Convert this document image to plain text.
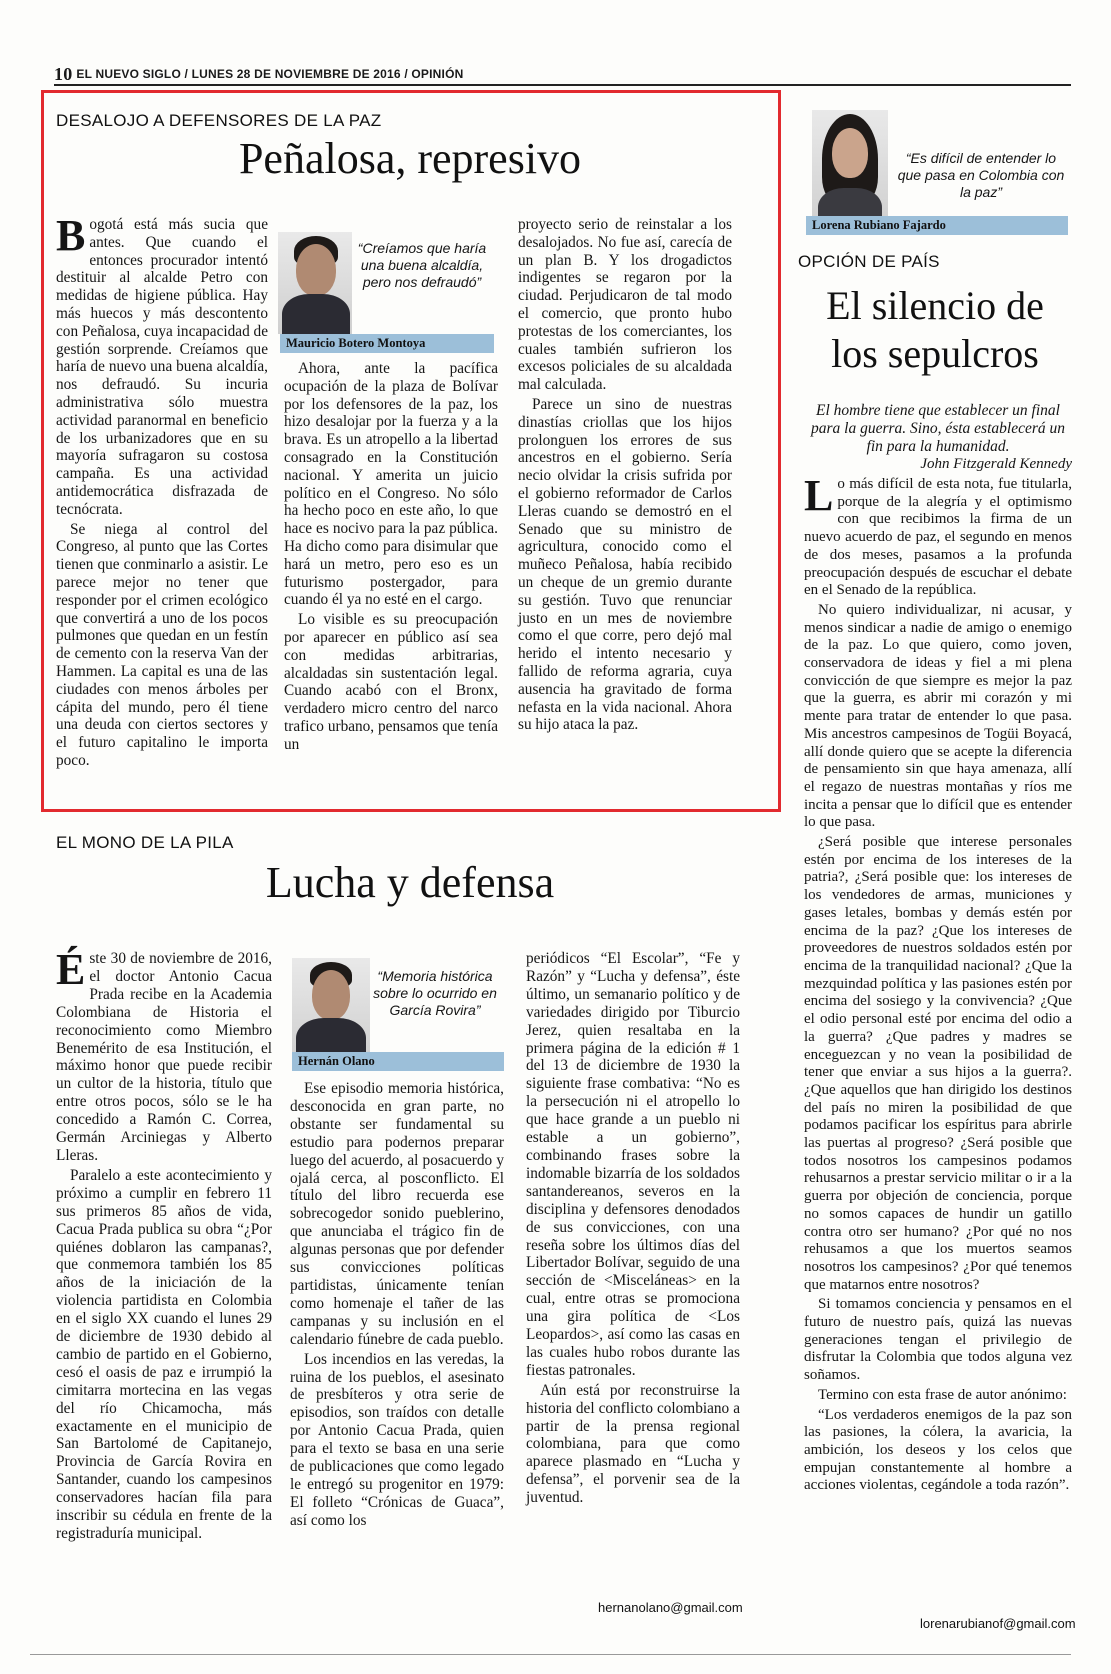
10 EL NUEVO SIGLO / LUNES 28 DE NOVIEMBRE DE 2016 / OPINIÓN
DESALOJO A DEFENSORES DE LA PAZ
Peñalosa, represivo

Bogotá está más sucia que antes. Que cuando el entonces procurador intentó destituir al alcalde Petro con medidas de higiene pública. Hay más huecos y más descontento con Peñalosa, cuya incapacidad de gestión sorprende. Creíamos que haría de nuevo una buena alcaldía, nos defraudó. Su incuria administrativa sólo muestra actividad paranormal en beneficio de los urbanizadores que en su mayoría sufragaron su costosa campaña. Es una actividad antidemocrática disfrazada de tecnócrata.

Se niega al control del Congreso, al punto que las Cortes tienen que conminarlo a asistir. Le parece mejor no tener que responder por el crimen ecológico que convertirá a uno de los pocos pulmones que quedan en un festín de cemento con la reserva Van der Hammen. La capital es una de las ciudades con menos árboles per cápita del mundo, pero él tiene una deuda con ciertos sectores y el futuro capitalino le importa poco.

“Creíamos que haría una buena alcaldía, pero nos defraudó”
Mauricio Botero Montoya

Ahora, ante la pacífica ocupación de la plaza de Bolívar por los defensores de la paz, los hizo desalojar por la fuerza y a la brava. Es un atropello a la libertad consagrado en la Constitución nacional. Y amerita un juicio político en el Congreso. No sólo ha hecho poco en este año, lo que hace es nocivo para la paz pública. Ha dicho como para disimular que hará un metro, pero eso es un futurismo postergador, para cuando él ya no esté en el cargo.

Lo visible es su preocupación por aparecer en público así sea con medidas arbitrarias, alcaldadas sin sustentación legal. Cuando acabó con el Bronx, verdadero micro centro del narco trafico urbano, pensamos que tenía un

proyecto serio de reinstalar a los desalojados. No fue así, carecía de un plan B. Y los drogadictos indigentes se regaron por la ciudad. Perjudicaron de tal modo el comercio, que pronto hubo protestas de los comerciantes, los cuales también sufrieron los excesos policiales de su alcaldada mal calculada.

Parece un sino de nuestras dinastías criollas que los hijos prolonguen los errores de sus ancestros en el gobierno. Sería necio olvidar la crisis sufrida por el gobierno reformador de Carlos Lleras cuando se demostró en el Senado que su ministro de agricultura, conocido como el muñeco Peñalosa, había recibido un cheque de un gremio durante su gestión. Tuvo que renunciar justo en un mes de noviembre como el que corre, pero dejó mal herido el intento necesario y fallido de reforma agraria, cuya ausencia ha gravitado de forma nefasta en la vida nacional. Ahora su hijo ataca la paz.

“Es difícil de entender lo que pasa en Colombia con la paz”
Lorena Rubiano Fajardo
OPCIÓN DE PAÍS
El silencio de
los sepulcros
El hombre tiene que establecer un final para la guerra. Sino, ésta establecerá un fin para la humanidad.
John Fitzgerald Kennedy

Lo más difícil de esta nota, fue titularla, porque de la alegría y el optimismo con que recibimos la firma de un nuevo acuerdo de paz, el segundo en menos de dos meses, pasamos a la profunda preocupación después de escuchar el debate en el Senado de la república.

No quiero individualizar, ni acusar, y menos sindicar a nadie de amigo o enemigo de la paz. Lo que quiero, como joven, conservadora de ideas y fiel a mi plena convicción de que siempre es mejor la paz que la guerra, es abrir mi corazón y mi mente para tratar de entender lo que pasa. Mis ancestros campesinos de Togüi Boyacá, allí donde quiero que se acepte la diferencia de pensamiento sin que haya amenaza, allí el regazo de nuestras montañas y ríos me incita a pensar que lo difícil que es entender lo que pasa.

¿Será posible que interese personales estén por encima de los intereses de la patria?, ¿Será posible que: los intereses de los vendedores de armas, municiones y gases letales, bombas y demás estén por encima de la paz? ¿Que los intereses de proveedores de nuestros soldados estén por encima de la tranquilidad nacional? ¿Que la mezquindad política y las pasiones estén por encima del sosiego y la convivencia? ¿Que el odio personal esté por encima del odio a la guerra? ¿Que padres y madres se enceguezcan y no vean la posibilidad de tener que enviar a sus hijos a la guerra?. ¿Que aquellos que han dirigido los destinos del país no miren la posibilidad de que podamos pacificar los espíritus para abrirle las puertas al progreso? ¿Será posible que todos nosotros los campesinos podamos rehusarnos a prestar servicio militar o ir a la guerra por objeción de conciencia, porque no somos capaces de hundir un gatillo contra otro ser humano? ¿Por qué no nos rehusamos a que los muertos seamos nosotros los campesinos? ¿Por qué tenemos que matarnos entre nosotros?

Si tomamos conciencia y pensamos en el futuro de nuestro país, quizá las nuevas generaciones tengan el privilegio de disfrutar la Colombia que todos alguna vez soñamos.

Termino con esta frase de autor anónimo:

“Los verdaderos enemigos de la paz son las pasiones, la cólera, la avaricia, la ambición, los deseos y los celos que empujan constantemente al hombre a acciones violentas, cegándole a toda razón”.

lorenarubianof@gmail.com
EL MONO DE LA PILA
Lucha y defensa

Éste 30 de noviembre de 2016, el doctor Antonio Cacua Prada recibe en la Academia Colombiana de Historia el reconocimiento como Miembro Benemérito de esa Institución, el máximo honor que puede recibir un cultor de la historia, título que entre otros pocos, sólo se le ha concedido a Ramón C. Correa, Germán Arciniegas y Alberto Lleras.

Paralelo a este acontecimiento y próximo a cumplir en febrero 11 sus primeros 85 años de vida, Cacua Prada publica su obra “¿Por quiénes doblaron las campanas?, que conmemora también los 85 años de la iniciación de la violencia partidista en Colombia en el siglo XX cuando el lunes 29 de diciembre de 1930 debido al cambio de partido en el Gobierno, cesó el oasis de paz e irrumpió la cimitarra mortecina en las vegas del río Chicamocha, más exactamente en el municipio de San Bartolomé de Capitanejo, Provincia de García Rovira en Santander, cuando los campesinos conservadores hacían fila para inscribir su cédula en frente de la registraduría municipal.

“Memoria histórica sobre lo ocurrido en García Rovira”
Hernán Olano

Ese episodio memoria histórica, desconocida en gran parte, no obstante ser fundamental su estudio para podernos preparar luego del acuerdo, al posacuerdo y ojalá cerca, al posconflicto. El título del libro recuerda ese sobrecogedor sonido pueblerino, que anunciaba el trágico fin de algunas personas que por defender sus convicciones políticas partidistas, únicamente tenían como homenaje el tañer de las campanas y su inclusión en el calendario fúnebre de cada pueblo.

Los incendios en las veredas, la ruina de los pueblos, el asesinato de presbíteros y otra serie de episodios, son traídos con detalle por Antonio Cacua Prada, quien para el texto se basa en una serie de publicaciones que como legado le entregó su progenitor en 1979: El folleto “Crónicas de Guaca”, así como los

periódicos “El Escolar”, “Fe y Razón” y “Lucha y defensa”, éste último, un semanario político y de variedades dirigido por Tiburcio Jerez, quien resaltaba en la primera página de la edición # 1 del 13 de diciembre de 1930 la siguiente frase combativa: “No es la persecución ni el atropello lo que hace grande a un pueblo ni estable a un gobierno”, combinando frases sobre la indomable bizarría de los soldados santandereanos, severos en la disciplina y defensores denodados de sus convicciones, con una reseña sobre los últimos días del Libertador Bolívar, seguido de una sección de <Misceláneas> en la cual, entre otras se promociona una gira política de <Los Leopardos>, así como las casas en las cuales hubo robos durante las fiestas patronales.

Aún está por reconstruirse la historia del conflicto colombiano a partir de la prensa regional colombiana, para que como aparece plasmado en “Lucha y defensa”, el porvenir sea de la juventud.

hernanolano@gmail.com
